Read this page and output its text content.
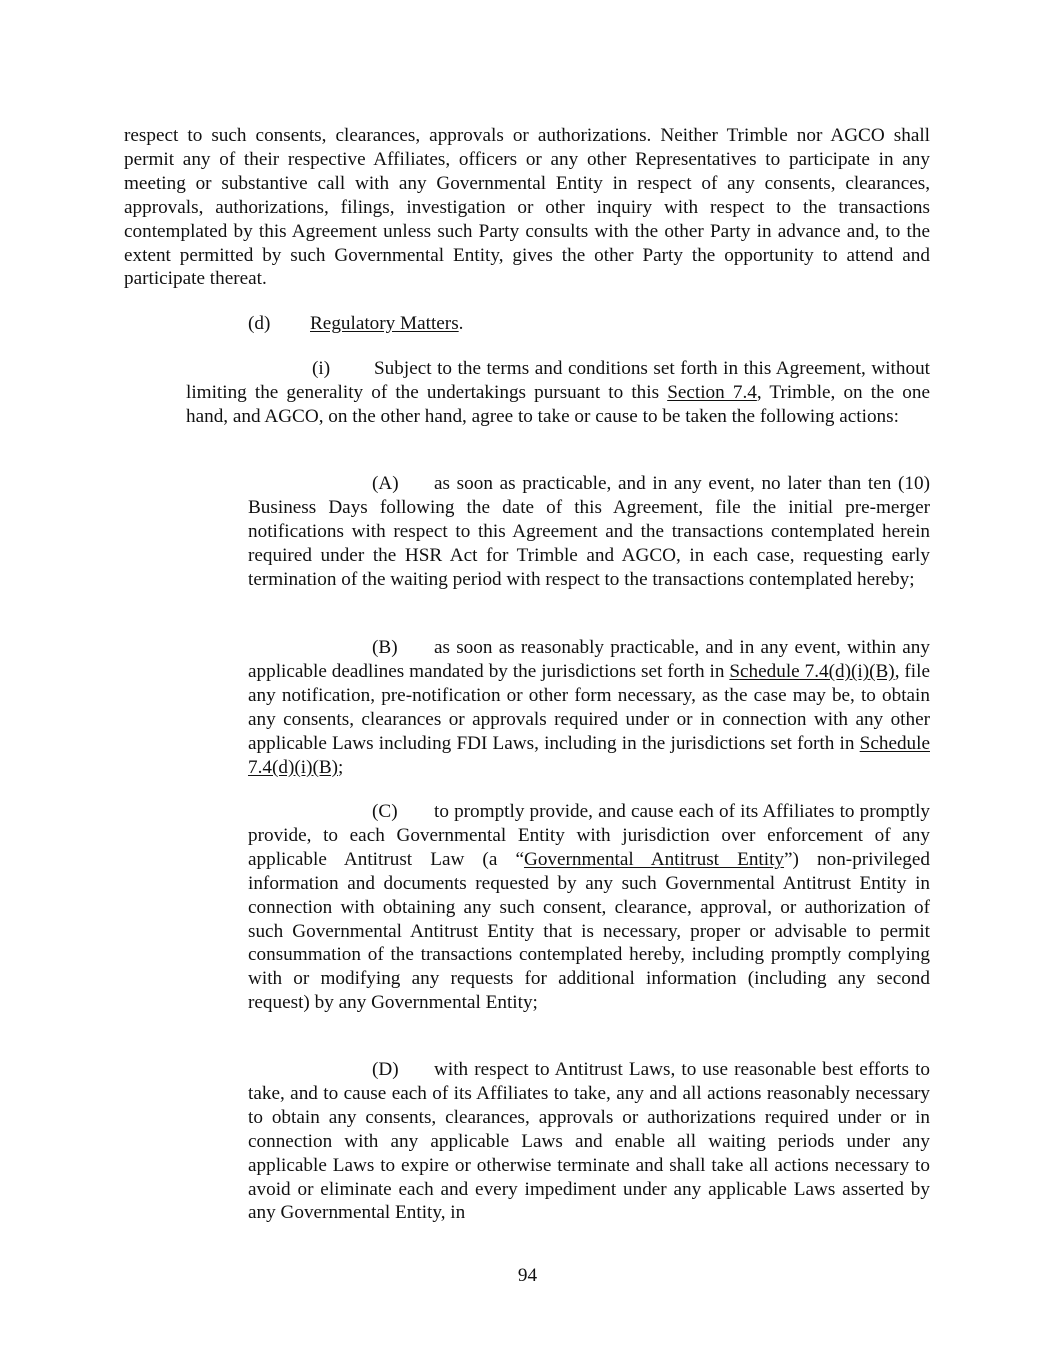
respect to such consents, clearances, approvals or authorizations. Neither Trimble nor AGCO shall permit any of their respective Affiliates, officers or any other Representatives to participate in any meeting or substantive call with any Governmental Entity in respect of any consents, clearances, approvals, authorizations, filings, investigation or other inquiry with respect to the transactions contemplated by this Agreement unless such Party consults with the other Party in advance and, to the extent permitted by such Governmental Entity, gives the other Party the opportunity to attend and participate thereat.

(d) Regulatory Matters.

(i) Subject to the terms and conditions set forth in this Agreement, without limiting the generality of the undertakings pursuant to this Section 7.4, Trimble, on the one hand, and AGCO, on the other hand, agree to take or cause to be taken the following actions:

(A) as soon as practicable, and in any event, no later than ten (10) Business Days following the date of this Agreement, file the initial pre-merger notifications with respect to this Agreement and the transactions contemplated herein required under the HSR Act for Trimble and AGCO, in each case, requesting early termination of the waiting period with respect to the transactions contemplated hereby;

(B) as soon as reasonably practicable, and in any event, within any applicable deadlines mandated by the jurisdictions set forth in Schedule 7.4(d)(i)(B), file any notification, pre-notification or other form necessary, as the case may be, to obtain any consents, clearances or approvals required under or in connection with any other applicable Laws including FDI Laws, including in the jurisdictions set forth in Schedule 7.4(d)(i)(B);

(C) to promptly provide, and cause each of its Affiliates to promptly provide, to each Governmental Entity with jurisdiction over enforcement of any applicable Antitrust Law (a “Governmental Antitrust Entity”) non-privileged information and documents requested by any such Governmental Antitrust Entity in connection with obtaining any such consent, clearance, approval, or authorization of such Governmental Antitrust Entity that is necessary, proper or advisable to permit consummation of the transactions contemplated hereby, including promptly complying with or modifying any requests for additional information (including any second request) by any Governmental Entity;

(D) with respect to Antitrust Laws, to use reasonable best efforts to take, and to cause each of its Affiliates to take, any and all actions reasonably necessary to obtain any consents, clearances, approvals or authorizations required under or in connection with any applicable Laws and enable all waiting periods under any applicable Laws to expire or otherwise terminate and shall take all actions necessary to avoid or eliminate each and every impediment under any applicable Laws asserted by any Governmental Entity, in

94
